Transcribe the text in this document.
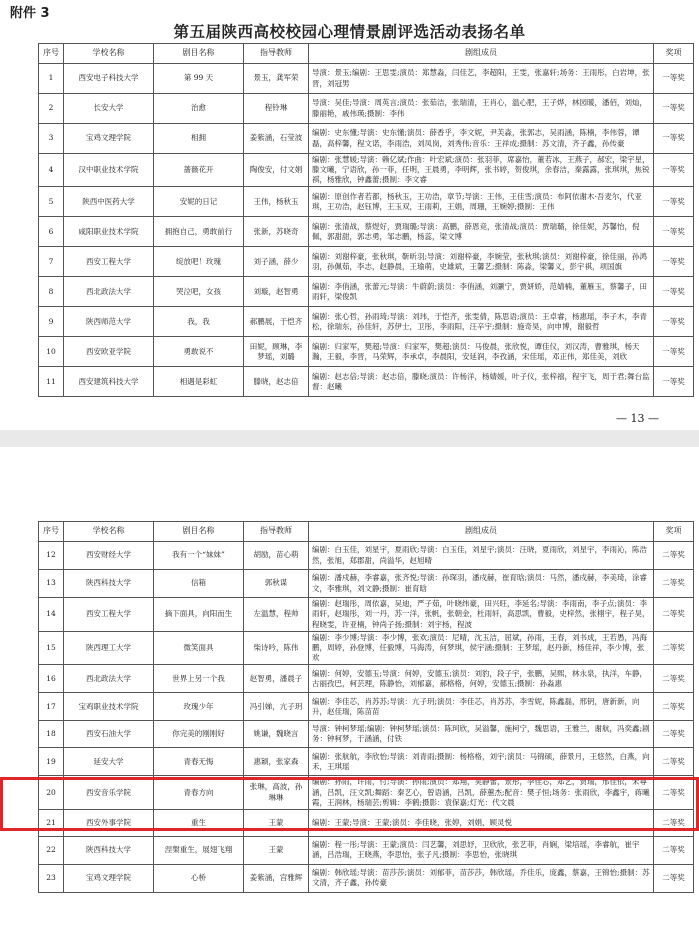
附件 3
第五届陕西高校校园心理情景剧评选活动表扬名单
序号	学校名称	剧目名称	指导教师	剧组成员	奖项
1	西安电子科技大学	第 99 天	景玉，龚军荣	导演：景玉;编剧：王思雯;演员：郑慧淼，闫佳艺，李超阳，王雯，张嘉轩;场务：王雨彤，白岩坤，张晋，刘冠男	一等奖
2	长安大学	治愈	程铃琳	导演：吴佳;导演：周英言;演员：张茹洁，张瑞清，王肖心，温心肥，王子烨，林园暖，潘佰，刘灿，滕丽艳，戚伟瑛;摄制：李伟	一等奖
3	宝鸡文理学院	相拥	姜紫涵，石莹波	编剧：史东懂;导演：史东懂;演员：薛香乎，李文妮，尹芙淼，张郭志，吴雨涵，陈楠，李伟蓉，谭磊，高梓馨，程文诺，李雨浩，刘凤岗，刘秀伟;音乐：王祥成;摄制：苏文清，齐子鑫，孙传豪	一等奖
4	汉中职业技术学院	蔷薇花开	陶俊安，付文娟	编剧：张慧媛;导演：赖亿斌;作曲：叶宏斌;演员：张羽菲，席嘉怡，董若冰，王燕子，郝宏，梁宇星，滕文曦，宁语欣，孙一菲，任明，王晨勇，李明辉，张书婷，贺俊琪，余春洁，秦露露，张琪琪，焦锐祺，杨雅欣，钟鑫蕾;摄制：李文睿	一等奖
5	陕西中医药大学	安妮的日记	王伟，杨秋玉	编剧：原创作者若都，杨秋玉，王功浩，章节;导演：王伟，王佳雪;演员：布阿依谢木·吾麦尔，代亚琪，王功浩，赵钰博，王玉双，王雨莉，王娟，周珊，王婉婷;摄制：王伟	一等奖
6	咸阳职业技术学院	拥抱自己，勇敢前行	张新，苏晓奇	编剧：张清战，蔡煜好，贾瑞璐;导演：高鹏，薛恩竞，张清战;演员：贾瑞璐，徐佳妮，苏馨怡，倪佩，郭甜甜，郭志勇，邹志鹏，杨蕊，梁文博	一等奖
7	西安工程大学	绽放吧！玫瑰	刘子涵，薛少	编剧：刘谢梓豪，张秋琪，靳昕羽;导演：刘谢梓豪，李婉莹，张秋琪;演员：刘谢梓豪，徐佳丽，孙鸿羽，孙佩茹，李志，赵静晨，王瑜萌，史雄斌，王馨艺;摄制：陈淼，梁馨义，彭宇祺，项国旗	一等奖
8	西北政法大学	哭泣吧，女孩	刘璇，赵智勇	编剧：李俏涵，张蕾元;导演：牛蔚蔚;演员：李俏涵，刘灏宁，贾妍娇，范婧楠，董雁玉，蔡馨子，田雨轩，梁俊凯	一等奖
9	陕西师范大学	我，我	郝鹏展，于恺齐	编剧：张心哲，孙雨琦;导演：刘玮，于恺齐，张雯倩，陈思语;演员：王卓睿，杨惠瑶，李子木，李青松，徐瑞东，孙佳轩，苏伊士，卫彤，李雨阳，汪辛宇;摄制：施奇昊，向申博，谢毅哲	一等奖
10	西安欧亚学院	勇敢说不	田妮，顾琳，李梦瑶，刘璐	编剧：归家军，樊超;导演：归家军，樊超;演员：马俊晨，张欣悦，谭佳仪，刘汉涛，曹雅琪，杨天瀚，王毅，李晋，马荣辉，李承卓，李晨阳，安延润，李孜涵，宋佳瑶，邓正伟，郑佳美，刘欣	一等奖
11	西安建筑科技大学	相遇是彩虹	滕晓，赵志倍	编剧：赵志倍;导演：赵志倍，滕晓;演员：许杨洋，杨婧媛，叶子仪，张梓禧，程宇飞，周于君;舞台监督：赵曦	一等奖
— 13 —
序号	学校名称	剧目名称	指导教师	剧组成员	奖项
12	西安财经大学	我有一个“妹妹”	胡励，苗心萌	编剧：白玉佳，刘星宇，夏雨欣;导演：白玉佳，刘星宇;演员：汪晓，夏雨欣，刘星宇，李雨沁，陈浩然，张旭，郑郡甜，尚溢华，赵旭晴	二等奖
13	陕西科技大学	信箱	郭秋谋	编剧：潘戍赫，李睿嘉，张齐悦;导演：孙琛羽，潘戍赫，崔育晗;演员：马然，潘戍赫，李美琦，涂睿文，李雅琪，刘文静;摄制：崔育晗	二等奖
14	西安工程大学	摘下面具，向阳而生	左温慧，程帅	编剧：赵瑞彤，周依嘉，吴迪，严子茹，叶晓纬豪，田兴旺，李延名;导演：李雨南，李子点;演员：李雨轩，赵瑞彤，刘一丹，苏一洋，张帆，张朝金，杜雨轩，高思凯，曹毅，史梓然，张栩宇，程子昊，程晓雯，许亚楠，钟尚子扬;摄制：刘宇杨，程波	二等奖
15	陕西理工大学	微笑面具	柴诗吟，陈伟	编剧：李少博;导演：李少博，张欢;演员：尼晴，沈玉洁，屈斌，孙雨，王春，刘书成，王若愚，冯海鹏，周婷，孙登博，任毅博，马海涛，何梦琪，侯宇涵;摄制：王梦瑶，赵丹新，杨佳祥，李少博，张欢	二等奖
16	西北政法大学	世界上另一个我	赵智勇，潘晨子	编剧：何婷，安德玉;导演：何婷，安德玉;演员：刘豹，段子宇，张鹏，吴熙，林永泉，执洋，车静，古丽孜巴，柯芸理，陈静怡，刘郁嘉，郝格格，何婷，安德玉;摄制：孙淼惠	二等奖
17	宝鸡职业技术学院	玫瑰少年	冯引娣，亢子玥	编剧：李佳芯，肖苏苏;导演：亢子玥;演员：李佳芯，肖苏苏，李雪妮，陈鑫磊，邢钥，唐新新，向升，赵佳瑞，陈苗苗	二等奖
18	西安石油大学	你完美的刚刚好	姚谦，魏晓言	导演：钟柯梦瑶;编剧：钟柯梦瑶;演员：陈珂欣，吴溢馨，施柯宁，魏思语，王雅兰，谢航，冯奕鑫;剧务：钟柯梦，于涵涵，付铁	二等奖
19	延安大学	青春无悔	惠颖，张家森	编剧：张航航，李欣怡;导演：刘青雨;摄制：杨格格，刘宇;演员：马锦硕，薛景月，王悠然，白燕，向禾，王琪瑶	二等奖
20	西安音乐学院	青春方向	张琳，高波，孙琳琳	编剧：孙雨，许雨，付;导演：孙雨;演员：郑翔，吴静蕾，景彤，李佳芯，郑艺，贾瑞，邢佳依，宋尊涵，吕凯，汪文凯;舞蹈：秦艺心，曾语涵，吕凯，薛蕙杰;配音：樊子恒;场务：张雨欣，李鑫宇，蒋曦霞，王润林，杨瑞芸;剪辑：李鹤;摄影：袁保嘉;灯光：代文晨	二等奖
21	西安外事学院	重生	王蒙	编剧：王蒙;导演：王蒙;演员：李佳晓，张婷，刘娟，顾灵悦	二等奖
22	陕西科技大学	涅槃重生，展翅飞翔	王蒙	编剧：程一彤;导演：王蒙;演员：闫艺馨，刘思妤，卫欣欣，张艺菲，肖娴，梁培瑶，李睿航，崔宇涵，吕浩瑞，王晓燕，李思怡，张子凡;摄制：李思怡，张晓琪	二等奖
23	宝鸡文理学院	心桥	姜紫涵，宫雅辉	编剧：韩欣瑶;导演：苗莎莎;演员：刘郁菲，苗莎莎，韩欣瑶，乔佳乐，庞鑫，蔡嘉，王锦怡;摄制：苏文清，齐子鑫，孙传豪	二等奖
